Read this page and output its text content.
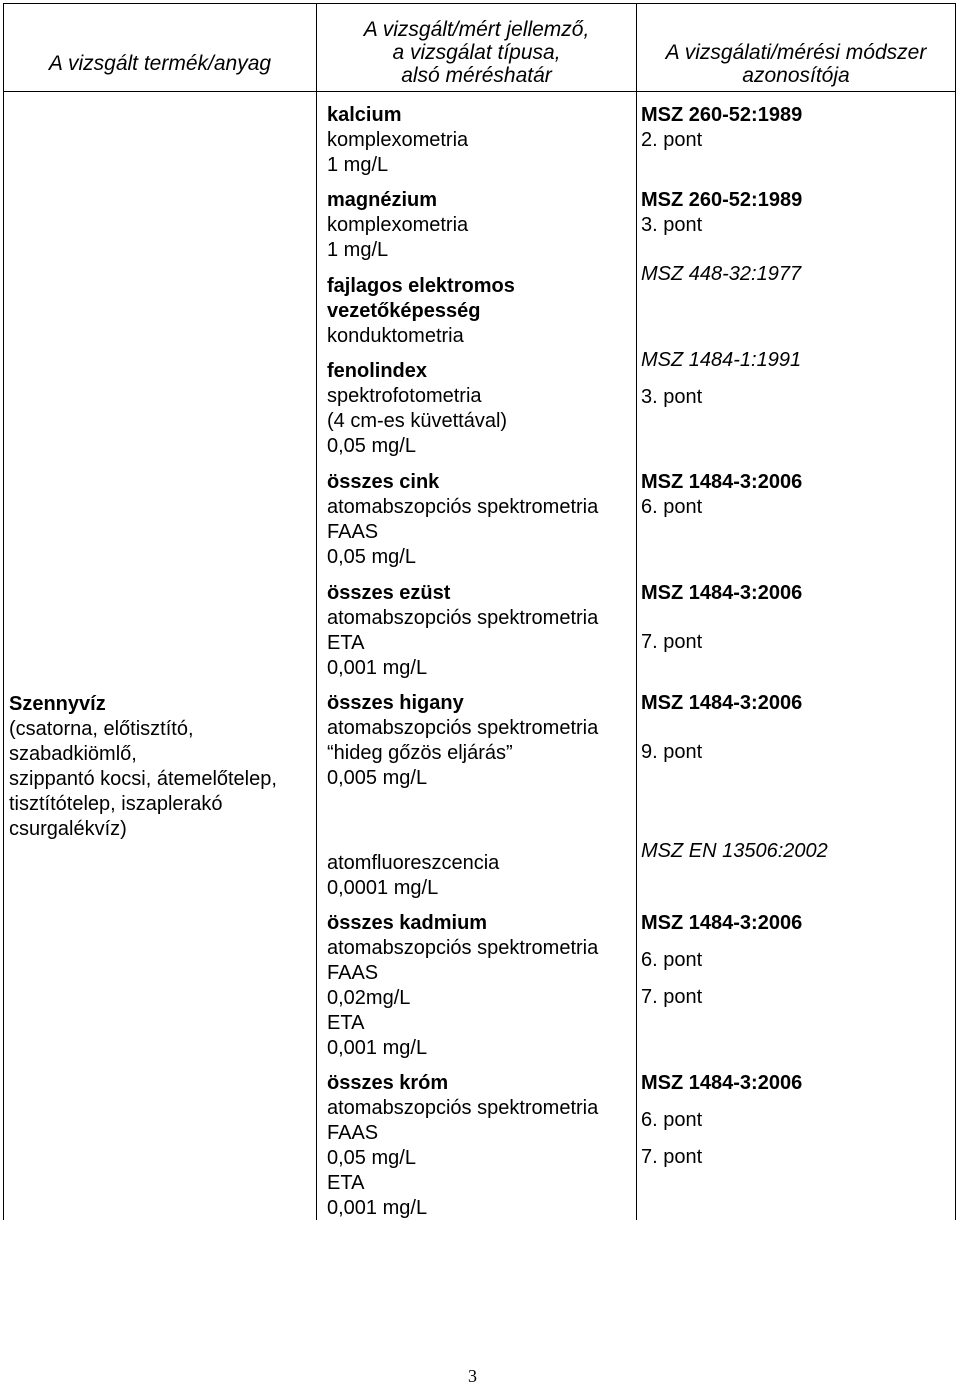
A vizsgált termék/anyag
A vizsgált/mért jellemző,
a vizsgálat típusa,
alsó méréshatár
A vizsgálati/mérési módszer
azonosítója
Szennyvíz
(csatorna, előtisztító,
szabadkiömlő,
szippantó kocsi, átemelőtelep,
tisztítótelep, iszaplerakó
csurgalékvíz)
kalcium
komplexometria
1 mg/L
MSZ 260-52:1989
2. pont
magnézium
komplexometria
1 mg/L
MSZ 260-52:1989
3. pont
fajlagos elektromos
vezetőképesség
konduktometria
MSZ 448-32:1977
fenolindex
spektrofotometria
(4 cm-es küvettával)
0,05 mg/L
MSZ 1484-1:1991
3. pont
összes cink
atomabszopciós spektrometria
FAAS
0,05 mg/L
MSZ 1484-3:2006
6. pont
összes ezüst
atomabszopciós spektrometria
ETA
0,001 mg/L
MSZ 1484-3:2006
7. pont
összes higany
atomabszopciós spektrometria
“hideg gőzös eljárás”
0,005 mg/L
MSZ 1484-3:2006
9. pont
atomfluoreszcencia
0,0001 mg/L
MSZ EN 13506:2002
összes kadmium
atomabszopciós spektrometria
FAAS
0,02mg/L
ETA
0,001 mg/L
MSZ 1484-3:2006
6. pont
7. pont
összes króm
atomabszopciós spektrometria
FAAS
0,05 mg/L
ETA
0,001 mg/L
MSZ 1484-3:2006
6. pont
7. pont
3
